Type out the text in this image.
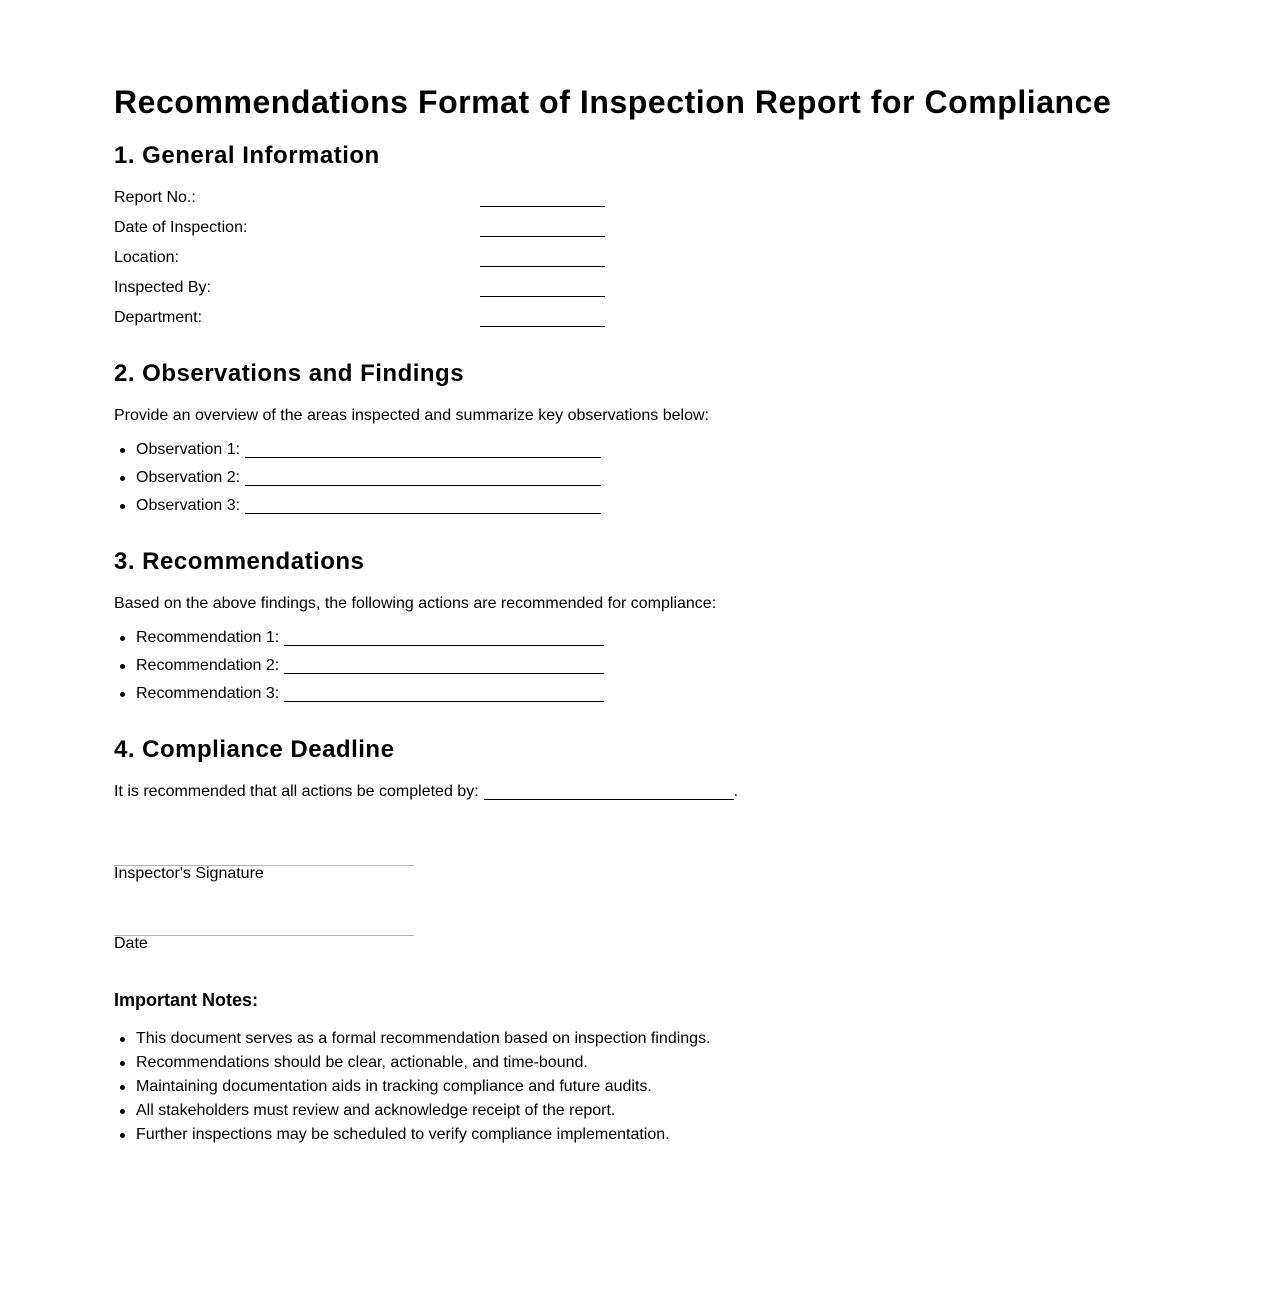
Recommendations Format of Inspection Report for Compliance
1. General Information
Report No.:
Date of Inspection:
Location:
Inspected By:
Department:
2. Observations and Findings
Provide an overview of the areas inspected and summarize key observations below:
Observation 1:
Observation 2:
Observation 3:
3. Recommendations
Based on the above findings, the following actions are recommended for compliance:
Recommendation 1:
Recommendation 2:
Recommendation 3:
4. Compliance Deadline
It is recommended that all actions be completed by:	.
Inspector's Signature
Date
Important Notes:
This document serves as a formal recommendation based on inspection findings.
Recommendations should be clear, actionable, and time-bound.
Maintaining documentation aids in tracking compliance and future audits.
All stakeholders must review and acknowledge receipt of the report.
Further inspections may be scheduled to verify compliance implementation.
